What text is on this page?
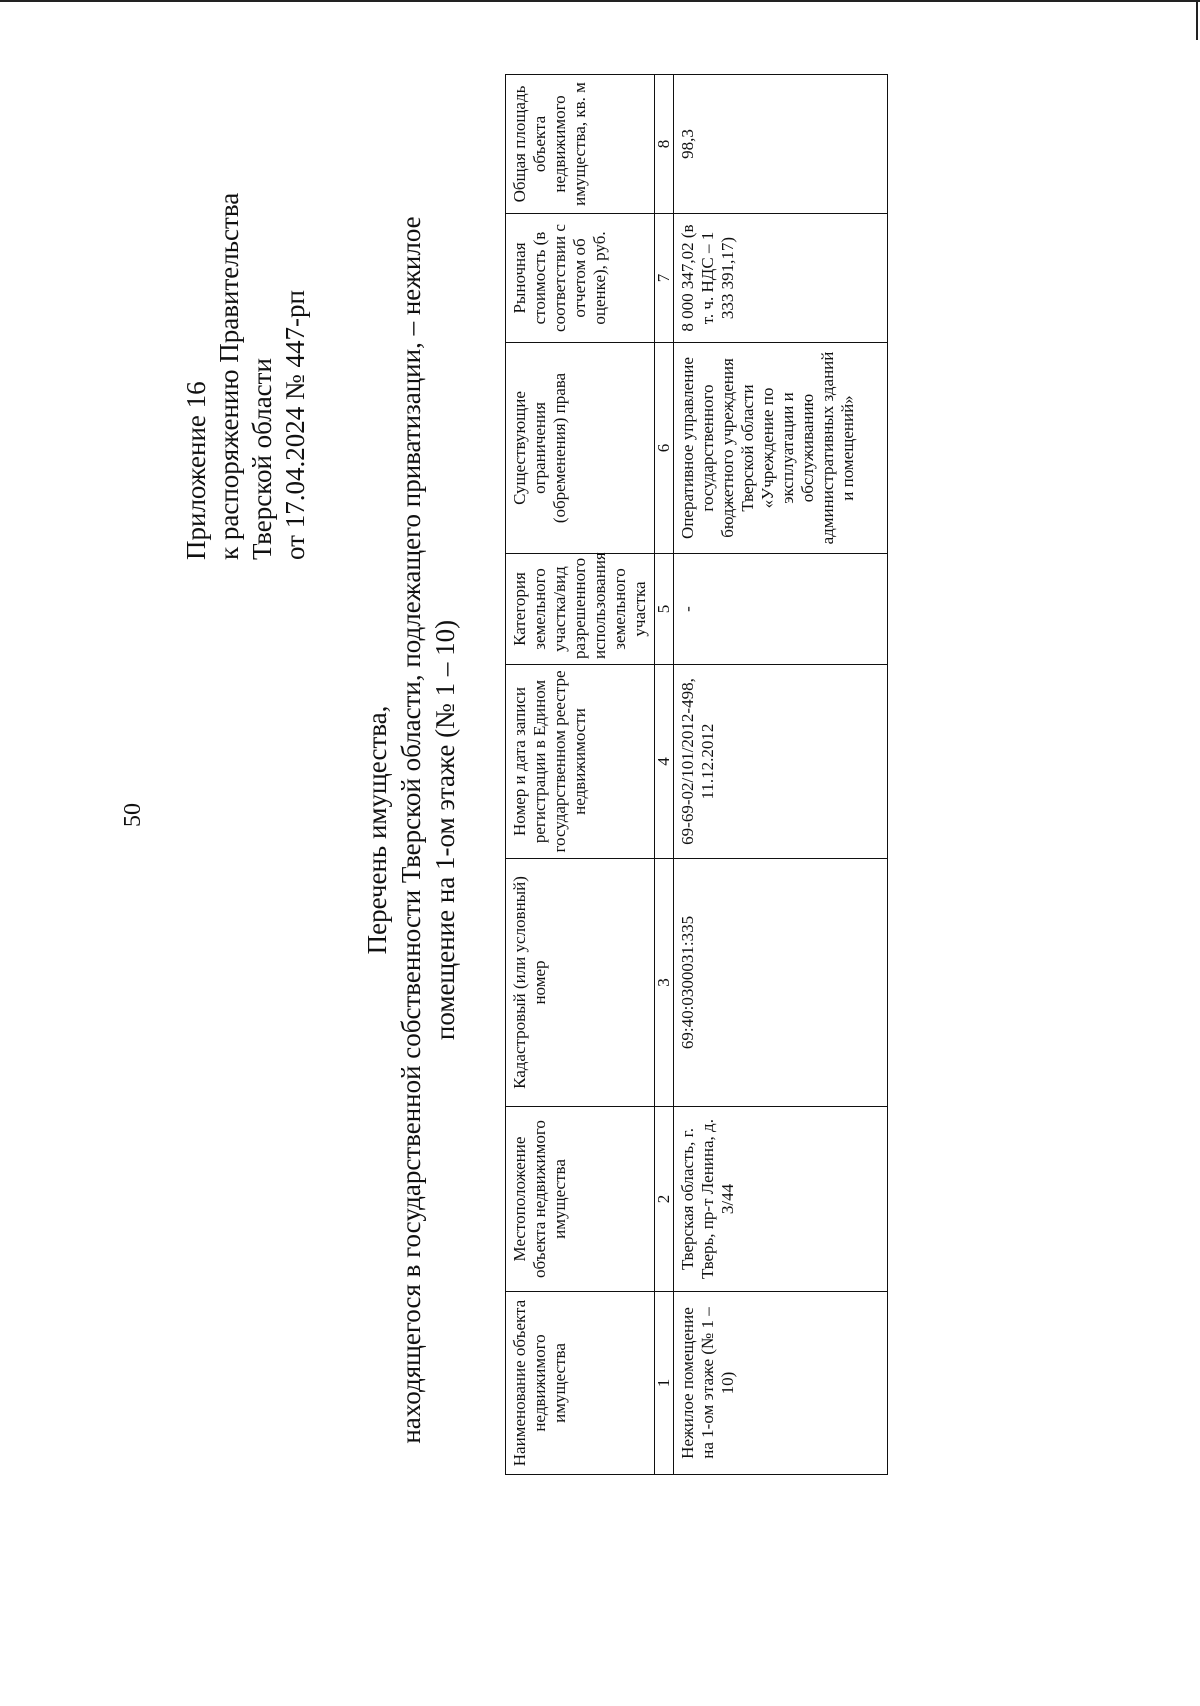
50
Приложение 16 к распоряжению Правительства Тверской области от 17.04.2024 № 447-рп
Перечень имущества, находящегося в государственной собственности Тверской области, подлежащего приватизации, – нежилое помещение на 1-ом этаже (№ 1 – 10)
Наименование объекта недвижимого имущества	Местоположение объекта недвижимого имущества	Кадастровый (или условный) номер	Номер и дата записи регистрации в Едином государственном реестре недвижимости	Категория земельного участка/вид разрешенного использования земельного участка	Существующие ограничения (обременения) права	Рыночная стоимость (в соответствии с отчетом об оценке), руб.	Общая площадь объекта недвижимого имущества, кв. м
1	2	3	4	5	6	7	8
Нежилое помещение на 1-ом этаже (№ 1 – 10)	Тверская область, г. Тверь, пр-т Ленина, д. 3/44	69:40:0300031:335	69-69-02/101/2012-498, 11.12.2012	-	Оперативное управление государственного бюджетного учреждения Тверской области «Учреждение по эксплуатации и обслуживанию административных зданий и помещений»	8 000 347,02 (в т. ч. НДС – 1 333 391,17)	98,3
